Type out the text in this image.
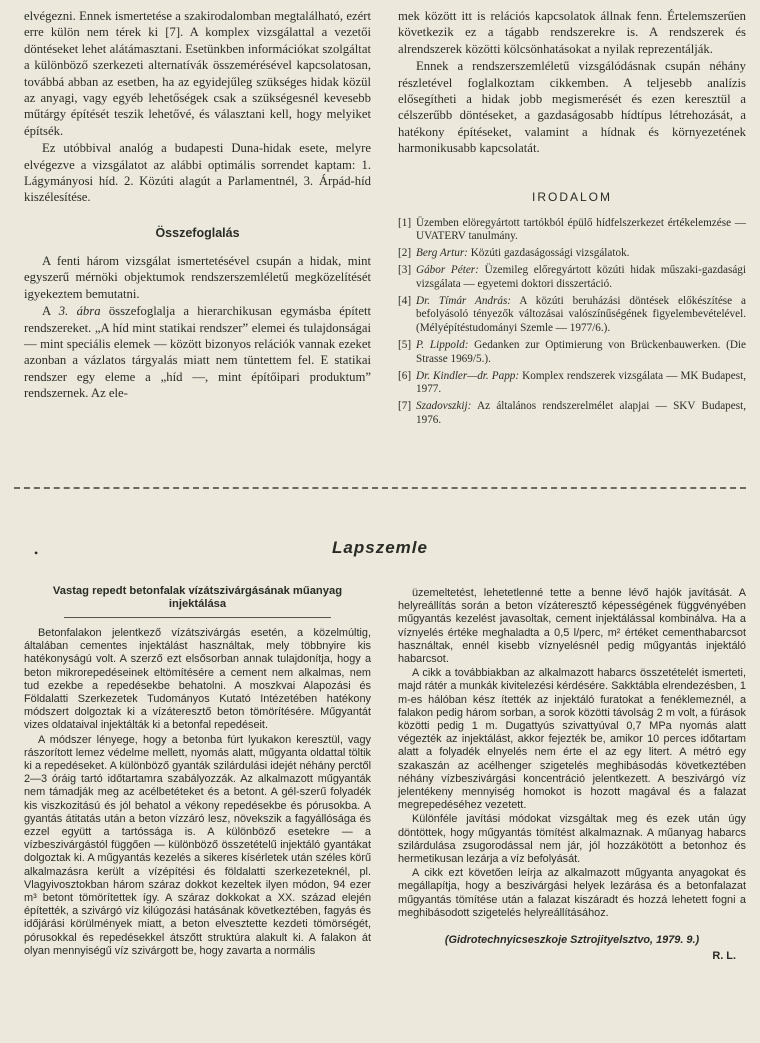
elvégezni. Ennek ismertetése a szakirodalomban megtalálható, ezért erre külön nem térek ki [7]. A komplex vizsgálattal a vezetői döntéseket lehet alátámasztani. Esetünkben információkat szolgáltat a különböző szerkezeti alternatívák összemérésével kapcsolatosan, továbbá abban az esetben, ha az egyidejűleg szükséges hidak közül az anyagi, vagy egyéb lehetőségek csak a szükségesnél kevesebb műtárgy építését teszik lehetővé, és választani kell, hogy melyiket építsék.

Ez utóbbival analóg a budapesti Duna-hidak esete, melyre elvégezve a vizsgálatot az alábbi optimális sorrendet kaptam: 1. Lágymányosi híd. 2. Közúti alagút a Parlamentnél, 3. Árpád-híd kiszélesítése.

Összefoglalás

A fenti három vizsgálat ismertetésével csupán a hidak, mint egyszerű mérnöki objektumok rendszerszemléletű megközelítését igyekeztem bemutatni.

A 3. ábra összefoglalja a hierarchikusan egymásba épített rendszereket. „A híd mint statikai rendszer” elemei és tulajdonságai — mint speciális elemek — között bizonyos relációk vannak ezeket azonban a vázlatos tárgyalás miatt nem tüntettem fel. E statikai rendszer egy eleme a „híd —, mint építőipari produktum” rendszernek. Az ele-

mek között itt is relációs kapcsolatok állnak fenn. Értelemszerűen következik ez a tágabb rendszerekre is. A rendszerek és alrendszerek közötti kölcsönhatásokat a nyilak reprezentálják.

Ennek a rendszerszemléletű vizsgálódásnak csupán néhány részletével foglalkoztam cikkemben. A teljesebb analízis elősegítheti a hidak jobb megismerését és ezen keresztül a célszerűbb döntéseket, a gazdaságosabb hídtípus létrehozását, a hatékony építéseket, valamint a hídnak és környezetének harmonikusabb kapcsolatát.

IRODALOM
[1] Üzemben elöregyártott tartókból épülő hídfelszerkezet értékelemzése — UVATERV tanulmány.
[2] Berg Artur: Közúti gazdaságossági vizsgálatok.
[3] Gábor Péter: Üzemileg előregyártott közúti hidak műszaki-gazdasági vizsgálata — egyetemi doktori disszertáció.
[4] Dr. Tímár András: A közúti beruházási döntések előkészítése a befolyásoló tényezők változásai valószínűségének figyelembevételével. (Mélyépítéstudományi Szemle — 1977/6.).
[5] P. Lippold: Gedanken zur Optimierung von Brückenbauwerken. (Die Strasse 1969/5.).
[6] Dr. Kindler—dr. Papp: Komplex rendszerek vizsgálata — MK Budapest, 1977.
[7] Szadovszkij: Az általános rendszerelmélet alapjai — SKV Budapest, 1976.
•	Lapszemle
Vastag repedt betonfalak vízátszivárgásának műanyag injektálása

Betonfalakon jelentkező vízátszivárgás esetén, a közelmúltig, általában cementes injektálást használtak, mely többnyire kis hatékonyságú volt. A szerző ezt elsősorban annak tulajdonítja, hogy a beton mikrorepedéseinek eltömítésére a cement nem alkalmas, nem tud ezekbe a repedésekbe behatolni. A moszkvai Alapozási és Földalatti Szerkezetek Tudományos Kutató Intézetében hatékony módszert dolgoztak ki a vízáteresztő beton tömörítésére. Műgyantát vizes oldataival injektálták ki a betonfal repedéseit.

A módszer lényege, hogy a betonba fúrt lyukakon keresztül, vagy rászorított lemez védelme mellett, nyomás alatt, műgyanta oldattal töltik ki a repedéseket. A különböző gyanták szilárdulási idejét néhány perctől 2—3 óráig tartó időtartamra szabályozzák. Az alkalmazott műgyanták nem támadják meg az acélbetéteket és a betont. A gél-szerű folyadék kis viszkozitású és jól behatol a vékony repedésekbe és pórusokba. A gyantás átitatás után a beton vízzáró lesz, növekszik a fagyállósága és ezzel együtt a tartóssága is. A különböző esetekre — a vízbeszivárgástól függően — különböző összetételű injektáló gyantákat dolgoztak ki. A műgyantás kezelés a sikeres kísérletek után széles körű alkalmazásra került a vízépítési és földalatti szerkezeteknél, pl. Vlagyivosztokban három száraz dokkot kezeltek ilyen módon, 94 ezer m³ betont tömörítettek így. A száraz dokkokat a XX. század elején építették, a szivárgó víz kilúgozási hatásának következtében, fagyás és időjárási körülmények miatt, a beton elvesztette kezdeti tömörségét, pórusokkal és repedésekkel átszőtt struktúra alakult ki. A falakon át olyan mennyiségű víz szivárgott be, hogy zavarta a normális

üzemeltetést, lehetetlenné tette a benne lévő hajók javítását. A helyreállítás során a beton vízáteresztő képességének függvényében műgyantás kezelést javasoltak, cement injektálással kombinálva. Ha a víznyelés értéke meghaladta a 0,5 l/perc, m² értéket cementhabarcsot használtak, ennél kisebb víznyelésnél pedig műgyantás injektáló habarcsot.

A cikk a továbbiakban az alkalmazott habarcs összetételét ismerteti, majd rátér a munkák kivitelezési kérdésére. Sakktábla elrendezésben, 1 m-es hálóban kész ítették az injektáló furatokat a fenéklemeznél, a falakon pedig három sorban, a sorok közötti távolság 2 m volt, a fúrások közötti pedig 1 m. Dugattyús szivattyúval 0,7 MPa nyomás alatt végezték az injektálást, akkor fejezték be, amikor 10 perces időtartam alatt a folyadék elnyelés nem érte el az egy litert. A métró egy szakaszán az acélhenger szigetelés meghibásodás következtében néhány vízbeszivárgási koncentráció jelentkezett. A beszivárgó víz jelentékeny mennyiség homokot is hozott magával és a falazat megrepedéséhez vezetett.

Különféle javítási módokat vizsgáltak meg és ezek után úgy döntöttek, hogy műgyantás tömítést alkalmaznak. A műanyag habarcs szilárdulása zsugorodással nem jár, jól hozzákötött a betonhoz és hermetikusan lezárja a víz befolyását.

A cikk ezt követően leírja az alkalmazott műgyanta anyagokat és megállapítja, hogy a beszivárgási helyek lezárása és a betonfalazat műgyantás tömítése után a falazat kiszáradt és hozzá lehetett fogni a meghibásodott szigetelés helyreállításához.

(Gidrotechnyicseszkoje Sztrojityelsztvo, 1979. 9.)
R. L.
